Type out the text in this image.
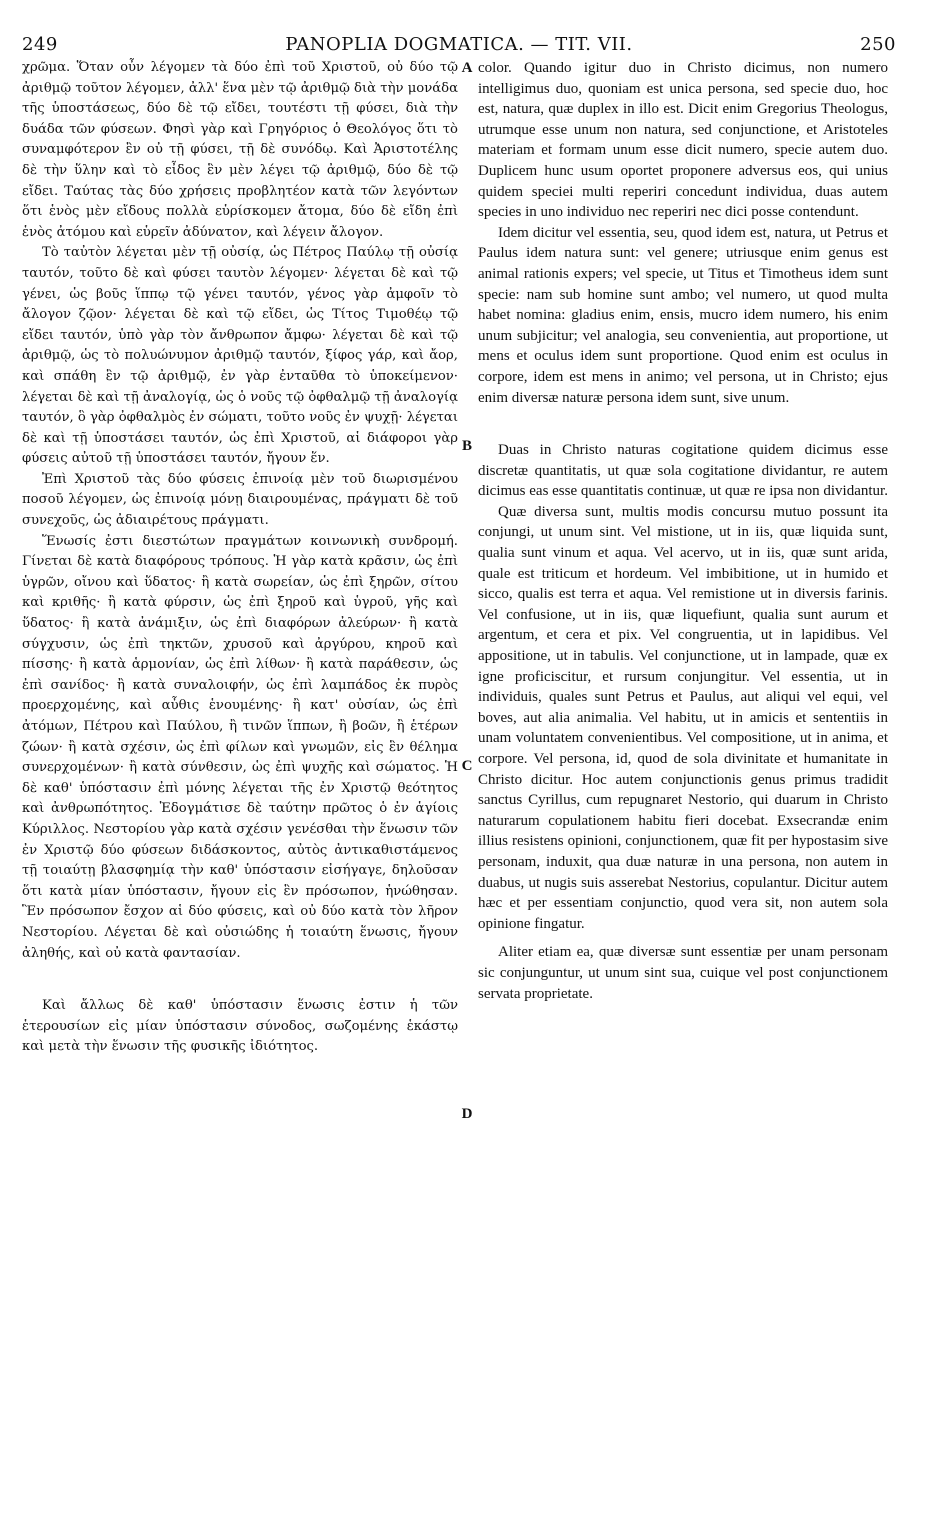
249	PANOPLIA DOGMATICA. — TIT. VII.	250

χρῶμα. Ὅταν οὖν λέγομεν τὰ δύο ἐπὶ τοῦ Χριστοῦ, οὐ δύο τῷ ἀριθμῷ τοῦτον λέγομεν, ἀλλ' ἕνα μὲν τῷ ἀριθμῷ διὰ τὴν μονάδα τῆς ὑποστάσεως, δύο δὲ τῷ εἴδει, τουτέστι τῇ φύσει, διὰ τὴν δυάδα τῶν φύσεων. Φησὶ γὰρ καὶ Γρηγόριος ὁ Θεολόγος ὅτι τὸ συναμφότερον ἓν οὐ τῇ φύσει, τῇ δὲ συνόδῳ. Καὶ Ἀριστοτέλης δὲ τὴν ὕλην καὶ τὸ εἶδος ἓν μὲν λέγει τῷ ἀριθμῷ, δύο δὲ τῷ εἴδει. Ταύτας τὰς δύο χρήσεις προβλητέον κατὰ τῶν λεγόντων ὅτι ἑνὸς μὲν εἴδους πολλὰ εὑρίσκομεν ἄτομα, δύο δὲ εἴδη ἐπὶ ἑνὸς ἀτόμου καὶ εὑρεῖν ἀδύνατον, καὶ λέγειν ἄλογον.

Τὸ ταὐτὸν λέγεται μὲν τῇ οὐσίᾳ, ὡς Πέτρος Παύλῳ τῇ οὐσίᾳ ταυτόν, τοῦτο δὲ καὶ φύσει ταυτὸν λέγομεν· λέγεται δὲ καὶ τῷ γένει, ὡς βοῦς ἵππῳ τῷ γένει ταυτόν, γένος γὰρ ἀμφοῖν τὸ ἄλογον ζῷον· λέγεται δὲ καὶ τῷ εἴδει, ὡς Τίτος Τιμοθέῳ τῷ εἴδει ταυτόν, ὑπὸ γὰρ τὸν ἄνθρωπον ἄμφω· λέγεται δὲ καὶ τῷ ἀριθμῷ, ὡς τὸ πολυώνυμον ἀριθμῷ ταυτόν, ξίφος γάρ, καὶ ἄορ, καὶ σπάθη ἓν τῷ ἀριθμῷ, ἐν γὰρ ἐνταῦθα τὸ ὑποκείμενον· λέγεται δὲ καὶ τῇ ἀναλογίᾳ, ὡς ὁ νοῦς τῷ ὀφθαλμῷ τῇ ἀναλογίᾳ ταυτόν, ὃ γὰρ ὀφθαλμὸς ἐν σώματι, τοῦτο νοῦς ἐν ψυχῇ· λέγεται δὲ καὶ τῇ ὑποστάσει ταυτόν, ὡς ἐπὶ Χριστοῦ, αἱ διάφοροι γὰρ φύσεις αὐτοῦ τῇ ὑποστάσει ταυτόν, ἤγουν ἕν.

Ἐπὶ Χριστοῦ τὰς δύο φύσεις ἐπινοίᾳ μὲν τοῦ διωρισμένου ποσοῦ λέγομεν, ὡς ἐπινοίᾳ μόνῃ διαιρουμένας, πράγματι δὲ τοῦ συνεχοῦς, ὡς ἀδιαιρέτους πράγματι.

Ἕνωσίς ἐστι διεστώτων πραγμάτων κοινωνικὴ συνδρομή. Γίνεται δὲ κατὰ διαφόρους τρόπους. Ἡ γὰρ κατὰ κρᾶσιν, ὡς ἐπὶ ὑγρῶν, οἴνου καὶ ὕδατος· ἢ κατὰ σωρείαν, ὡς ἐπὶ ξηρῶν, σίτου καὶ κριθῆς· ἢ κατὰ φύρσιν, ὡς ἐπὶ ξηροῦ καὶ ὑγροῦ, γῆς καὶ ὕδατος· ἢ κατὰ ἀνάμιξιν, ὡς ἐπὶ διαφόρων ἀλεύρων· ἢ κατὰ σύγχυσιν, ὡς ἐπὶ τηκτῶν, χρυσοῦ καὶ ἀργύρου, κηροῦ καὶ πίσσης· ἢ κατὰ ἁρμονίαν, ὡς ἐπὶ λίθων· ἢ κατὰ παράθεσιν, ὡς ἐπὶ σανίδος· ἢ κατὰ συναλοιφήν, ὡς ἐπὶ λαμπάδος ἐκ πυρὸς προερχομένης, καὶ αὖθις ἑνουμένης· ἢ κατ' οὐσίαν, ὡς ἐπὶ ἀτόμων, Πέτρου καὶ Παύλου, ἢ τινῶν ἵππων, ἢ βοῶν, ἢ ἑτέρων ζώων· ἢ κατὰ σχέσιν, ὡς ἐπὶ φίλων καὶ γνωμῶν, εἰς ἓν θέλημα συνερχομένων· ἢ κατὰ σύνθεσιν, ὡς ἐπὶ ψυχῆς καὶ σώματος. Ἡ δὲ καθ' ὑπόστασιν ἐπὶ μόνης λέγεται τῆς ἐν Χριστῷ θεότητος καὶ ἀνθρωπότητος. Ἐδογμάτισε δὲ ταύτην πρῶτος ὁ ἐν ἁγίοις Κύριλλος. Νεστορίου γὰρ κατὰ σχέσιν γενέσθαι τὴν ἕνωσιν τῶν ἐν Χριστῷ δύο φύσεων διδάσκοντος, αὐτὸς ἀντικαθιστάμενος τῇ τοιαύτῃ βλασφημίᾳ τὴν καθ' ὑπόστασιν εἰσήγαγε, δηλοῦσαν ὅτι κατὰ μίαν ὑπόστασιν, ἤγουν εἰς ἓν πρόσωπον, ἡνώθησαν. Ἓν πρόσωπον ἔσχον αἱ δύο φύσεις, καὶ οὐ δύο κατὰ τὸν λῆρον Νεστορίου. Λέγεται δὲ καὶ οὐσιώδης ἡ τοιαύτη ἕνωσις, ἤγουν ἀληθής, καὶ οὐ κατὰ φαντασίαν.

Καὶ ἄλλως δὲ καθ' ὑπόστασιν ἕνωσις ἐστιν ἡ τῶν ἑτερουσίων εἰς μίαν ὑπόστασιν σύνοδος, σωζομένης ἑκάστῳ καὶ μετὰ τὴν ἕνωσιν τῆς φυσικῆς ἰδιότητος.

A
B
C
D

color. Quando igitur duo in Christo dicimus, non numero intelligimus duo, quoniam est unica persona, sed specie duo, hoc est, natura, quæ duplex in illo est. Dicit enim Gregorius Theologus, utrumque esse unum non natura, sed conjunctione, et Aristoteles materiam et formam unum esse dicit numero, specie autem duo. Duplicem hunc usum oportet proponere adversus eos, qui unius quidem speciei multi reperiri concedunt individua, duas autem species in uno individuo nec reperiri nec dici posse contendunt.

Idem dicitur vel essentia, seu, quod idem est, natura, ut Petrus et Paulus idem natura sunt: vel genere; utriusque enim genus est animal rationis expers; vel specie, ut Titus et Timotheus idem sunt specie: nam sub homine sunt ambo; vel numero, ut quod multa habet nomina: gladius enim, ensis, mucro idem numero, his enim unum subjicitur; vel analogia, seu convenientia, aut proportione, ut mens et oculus idem sunt proportione. Quod enim est oculus in corpore, idem est mens in animo; vel persona, ut in Christo; ejus enim diversæ naturæ persona idem sunt, sive unum.

Duas in Christo naturas cogitatione quidem dicimus esse discretæ quantitatis, ut quæ sola cogitatione dividantur, re autem dicimus eas esse quantitatis continuæ, ut quæ re ipsa non dividantur.

Quæ diversa sunt, multis modis concursu mutuo possunt ita conjungi, ut unum sint. Vel mistione, ut in iis, quæ liquida sunt, qualia sunt vinum et aqua. Vel acervo, ut in iis, quæ sunt arida, quale est triticum et hordeum. Vel imbibitione, ut in humido et sicco, qualis est terra et aqua. Vel remistione ut in diversis farinis. Vel confusione, ut in iis, quæ liquefiunt, qualia sunt aurum et argentum, et cera et pix. Vel congruentia, ut in lapidibus. Vel appositione, ut in tabulis. Vel conjunctione, ut in lampade, quæ ex igne proficiscitur, et rursum conjungitur. Vel essentia, ut in individuis, quales sunt Petrus et Paulus, aut aliqui vel equi, vel boves, aut alia animalia. Vel habitu, ut in amicis et sententiis in unam voluntatem convenientibus. Vel compositione, ut in anima, et corpore. Vel persona, id, quod de sola divinitate et humanitate in Christo dicitur. Hoc autem conjunctionis genus primus tradidit sanctus Cyrillus, cum repugnaret Nestorio, qui duarum in Christo naturarum copulationem habitu fieri docebat. Exsecrandæ enim illius resistens opinioni, conjunctionem, quæ fit per hypostasim sive personam, induxit, qua duæ naturæ in una persona, non autem in duabus, ut nugis suis asserebat Nestorius, copulantur. Dicitur autem hæc et per essentiam conjunctio, quod vera sit, non autem sola opinione fingatur.

Aliter etiam ea, quæ diversæ sunt essentiæ per unam personam sic conjunguntur, ut unum sint sua, cuique vel post conjunctionem servata proprietate.
